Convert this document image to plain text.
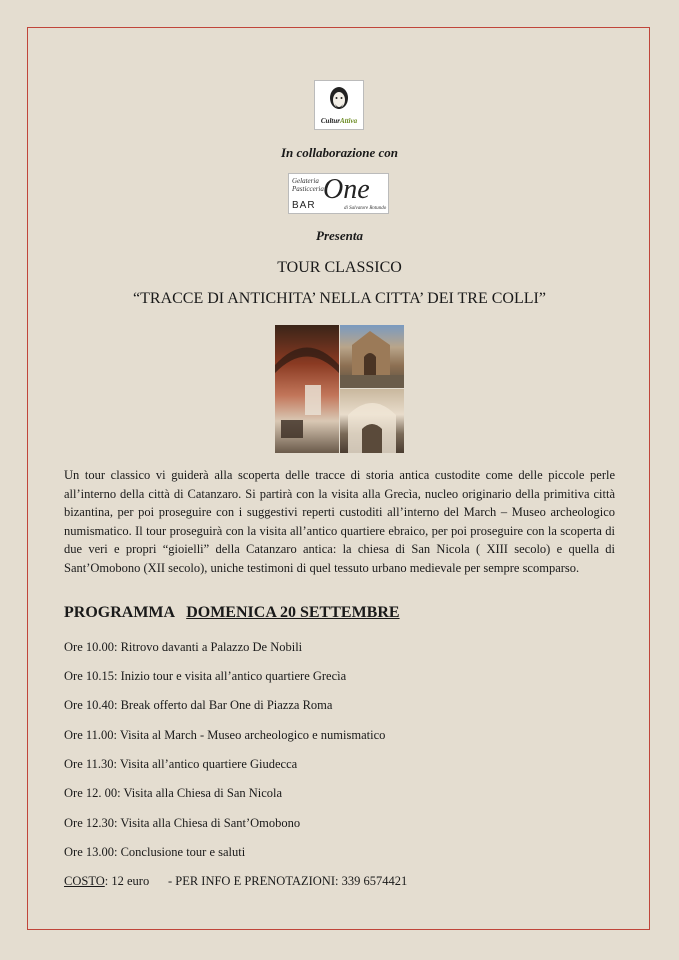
CulturAttiva
In collaborazione con
Gelateria
Pasticceria
BAR
One
di Salvatore Rotundo
Presenta
TOUR CLASSICO
“TRACCE DI ANTICHITA’ NELLA CITTA’ DEI TRE COLLI”
Un tour classico vi guiderà alla scoperta delle tracce di storia antica custodite come delle piccole perle all’interno della città di Catanzaro. Si partirà con la visita alla Grecìa, nucleo originario della primitiva città bizantina, per poi proseguire con i suggestivi reperti custoditi all’interno del March – Museo archeologico numismatico. Il tour proseguirà con la visita all’antico quartiere ebraico, per poi proseguire con la scoperta di due veri e propri “gioielli” della Catanzaro antica: la chiesa di San Nicola ( XIII secolo) e quella di Sant’Omobono (XII secolo), uniche testimoni di quel tessuto urbano medievale per sempre scomparso.
PROGRAMMA DOMENICA 20 SETTEMBRE
Ore 10.00: Ritrovo davanti a Palazzo De Nobili
Ore 10.15: Inizio tour e visita all’antico quartiere Grecìa
Ore 10.40: Break offerto dal Bar One di Piazza Roma
Ore 11.00: Visita al March - Museo archeologico e numismatico
Ore 11.30: Visita all’antico quartiere Giudecca
Ore 12. 00: Visita alla Chiesa di San Nicola
Ore 12.30: Visita alla Chiesa di Sant’Omobono
Ore 13.00: Conclusione tour e saluti
COSTO: 12 euro - PER INFO E PRENOTAZIONI: 339 6574421
